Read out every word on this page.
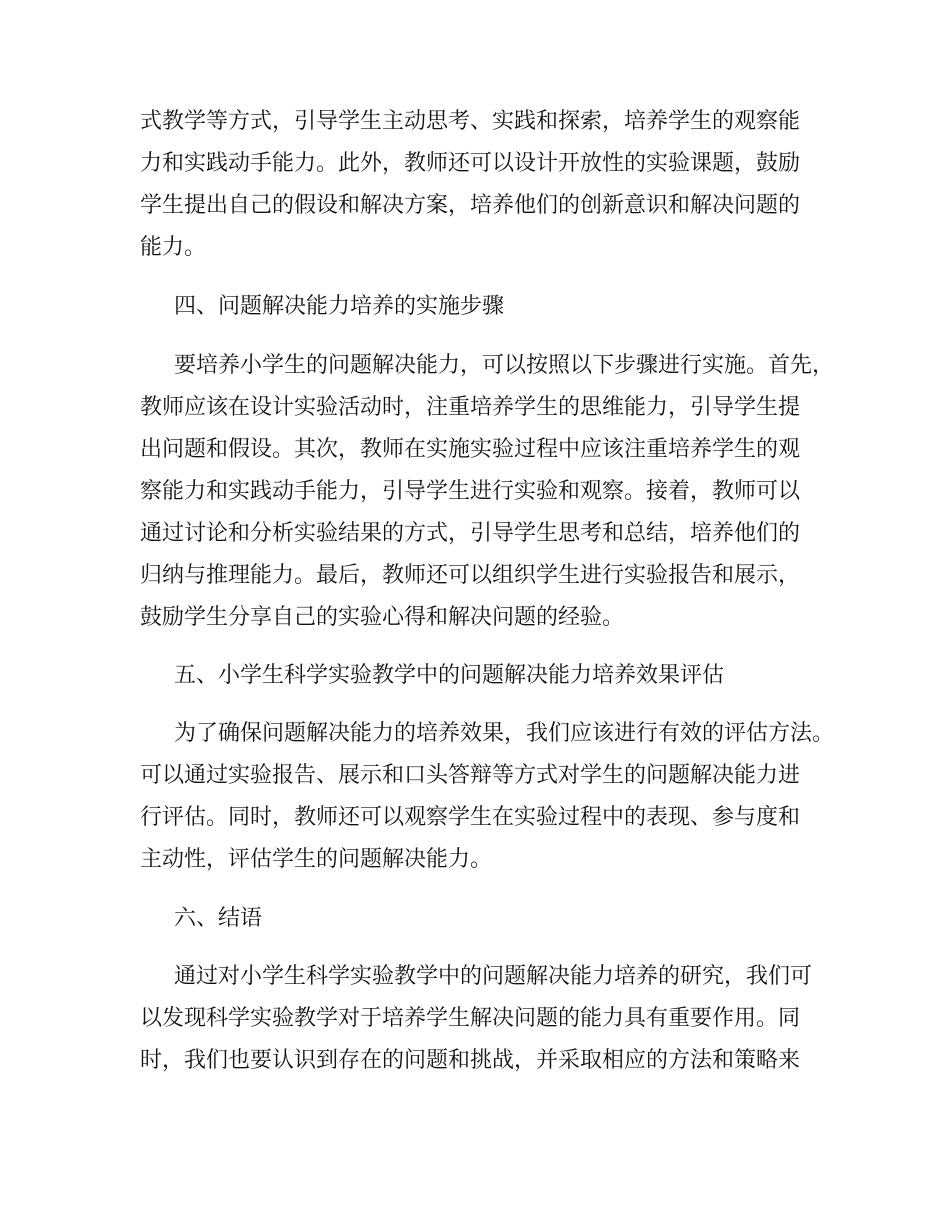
式教学等方式，引导学生主动思考、实践和探索，培养学生的观察能
力和实践动手能力。此外，教师还可以设计开放性的实验课题，鼓励
学生提出自己的假设和解决方案，培养他们的创新意识和解决问题的
能力。
四、问题解决能力培养的实施步骤
要培养小学生的问题解决能力，可以按照以下步骤进行实施。首先，
教师应该在设计实验活动时，注重培养学生的思维能力，引导学生提
出问题和假设。其次，教师在实施实验过程中应该注重培养学生的观
察能力和实践动手能力，引导学生进行实验和观察。接着，教师可以
通过讨论和分析实验结果的方式，引导学生思考和总结，培养他们的
归纳与推理能力。最后，教师还可以组织学生进行实验报告和展示，
鼓励学生分享自己的实验心得和解决问题的经验。
五、小学生科学实验教学中的问题解决能力培养效果评估
为了确保问题解决能力的培养效果，我们应该进行有效的评估方法。
可以通过实验报告、展示和口头答辩等方式对学生的问题解决能力进
行评估。同时，教师还可以观察学生在实验过程中的表现、参与度和
主动性，评估学生的问题解决能力。
六、结语
通过对小学生科学实验教学中的问题解决能力培养的研究，我们可
以发现科学实验教学对于培养学生解决问题的能力具有重要作用。同
时，我们也要认识到存在的问题和挑战，并采取相应的方法和策略来
